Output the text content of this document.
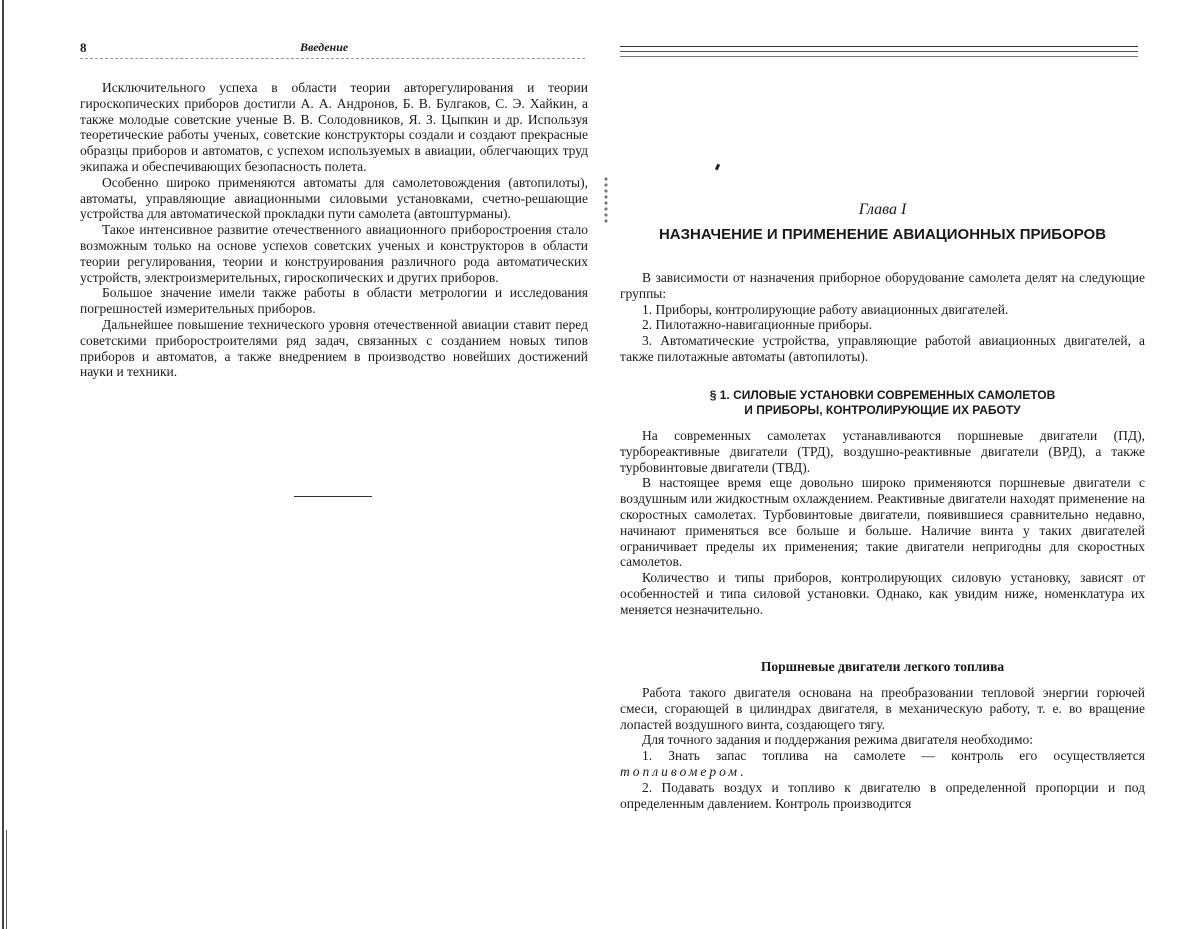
8	Введение

Исключительного успеха в области теории авторегулирования и теории гироскопических приборов достигли А. А. Андронов, Б. В. Булгаков, С. Э. Хайкин, а также молодые советские ученые В. В. Солодовников, Я. З. Цыпкин и др. Используя теоретические работы ученых, советские конструкторы создали и создают прекрасные образцы приборов и автоматов, с успехом используемых в авиации, облегчающих труд экипажа и обеспечивающих безопасность полета.

Особенно широко применяются автоматы для самолетовождения (автопилоты), автоматы, управляющие авиационными силовыми установками, счетно-решающие устройства для автоматической прокладки пути самолета (автоштурманы).

Такое интенсивное развитие отечественного авиационного приборостроения стало возможным только на основе успехов советских ученых и конструкторов в области теории регулирования, теории и конструирования различного рода автоматических устройств, электроизмерительных, гироскопических и других приборов.

Большое значение имели также работы в области метрологии и исследования погрешностей измерительных приборов.

Дальнейшее повышение технического уровня отечественной авиации ставит перед советскими приборостроителями ряд задач, связанных с созданием новых типов приборов и автоматов, а также внедрением в производство новейших достижений науки и техники.

Глава I
НАЗНАЧЕНИЕ И ПРИМЕНЕНИЕ АВИАЦИОННЫХ ПРИБОРОВ

В зависимости от назначения приборное оборудование самолета делят на следующие группы:

1. Приборы, контролирующие работу авиационных двигателей.

2. Пилотажно-навигационные приборы.

3. Автоматические устройства, управляющие работой авиационных двигателей, а также пилотажные автоматы (автопилоты).

§ 1. СИЛОВЫЕ УСТАНОВКИ СОВРЕМЕННЫХ САМОЛЕТОВ
И ПРИБОРЫ, КОНТРОЛИРУЮЩИЕ ИХ РАБОТУ

На современных самолетах устанавливаются поршневые двигатели (ПД), турбореактивные двигатели (ТРД), воздушно-реактивные двигатели (ВРД), а также турбовинтовые двигатели (ТВД).

В настоящее время еще довольно широко применяются поршневые двигатели с воздушным или жидкостным охлаждением. Реактивные двигатели находят применение на скоростных самолетах. Турбовинтовые двигатели, появившиеся сравнительно недавно, начинают применяться все больше и больше. Наличие винта у таких двигателей ограничивает пределы их применения; такие двигатели непригодны для скоростных самолетов.

Количество и типы приборов, контролирующих силовую установку, зависят от особенностей и типа силовой установки. Однако, как увидим ниже, номенклатура их меняется незначительно.

Поршневые двигатели легкого топлива

Работа такого двигателя основана на преобразовании тепловой энергии горючей смеси, сгорающей в цилиндрах двигателя, в механическую работу, т. е. во вращение лопастей воздушного винта, создающего тягу.

Для точного задания и поддержания режима двигателя необходимо:

1. Знать запас топлива на самолете — контроль его осуществляется топливомером.

2. Подавать воздух и топливо к двигателю в определенной пропорции и под определенным давлением. Контроль производится
